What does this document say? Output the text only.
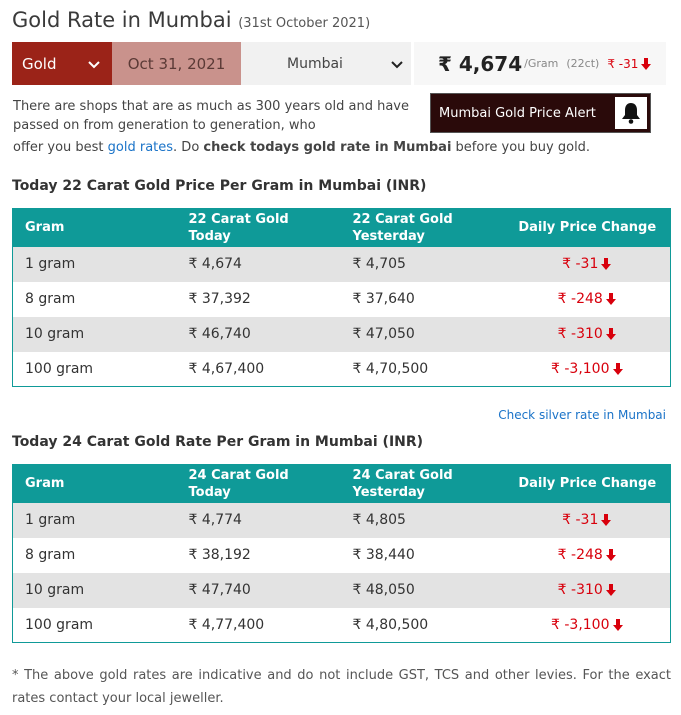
Gold Rate in Mumbai (31st October 2021)
Gold	Oct 31, 2021	Mumbai	₹ 4,674 /Gram (22ct) ₹ -31

There are shops that are as much as 300 years old and have passed on from generation to generation, who

offer you best gold rates. Do check todays gold rate in Mumbai before you buy gold.
Mumbai Gold Price Alert
Today 22 Carat Gold Price Per Gram in Mumbai (INR)
Gram	22 Carat Gold Today	22 Carat Gold Yesterday	Daily Price Change
1 gram	₹ 4,674	₹ 4,705	₹ -31

8 gram	₹ 37,392	₹ 37,640	₹ -248

10 gram	₹ 46,740	₹ 47,050	₹ -310

100 gram	₹ 4,67,400	₹ 4,70,500	₹ -3,100
Check silver rate in Mumbai
Today 24 Carat Gold Rate Per Gram in Mumbai (INR)
Gram	24 Carat Gold Today	24 Carat Gold Yesterday	Daily Price Change
1 gram	₹ 4,774	₹ 4,805	₹ -31

8 gram	₹ 38,192	₹ 38,440	₹ -248

10 gram	₹ 47,740	₹ 48,050	₹ -310

100 gram	₹ 4,77,400	₹ 4,80,500	₹ -3,100

* The above gold rates are indicative and do not include GST, TCS and other levies. For the exact rates contact your local jeweller.
